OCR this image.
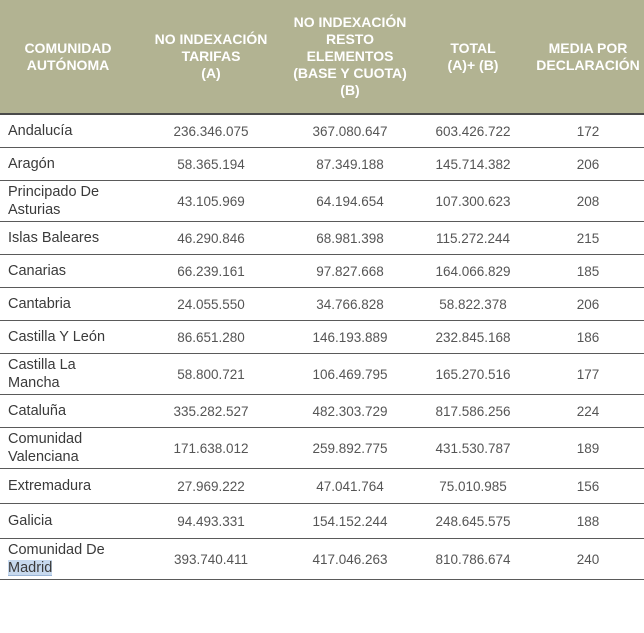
COMUNIDAD
AUTÓNOMA	NO INDEXACIÓN
TARIFAS
(A)	NO INDEXACIÓN
RESTO
ELEMENTOS
(BASE Y CUOTA)
(B)	TOTAL
(A)+ (B)	MEDIA POR
DECLARACIÓN

Andalucía	236.346.075	367.080.647	603.426.722	172
Aragón	58.365.194	87.349.188	145.714.382	206
Principado De
Asturias	43.105.969	64.194.654	107.300.623	208
Islas Baleares	46.290.846	68.981.398	115.272.244	215
Canarias	66.239.161	97.827.668	164.066.829	185
Cantabria	24.055.550	34.766.828	58.822.378	206
Castilla Y León	86.651.280	146.193.889	232.845.168	186
Castilla La
Mancha	58.800.721	106.469.795	165.270.516	177
Cataluña	335.282.527	482.303.729	817.586.256	224
Comunidad
Valenciana	171.638.012	259.892.775	431.530.787	189
Extremadura	27.969.222	47.041.764	75.010.985	156
Galicia	94.493.331	154.152.244	248.645.575	188
Comunidad De
Madrid	393.740.411	417.046.263	810.786.674	240
